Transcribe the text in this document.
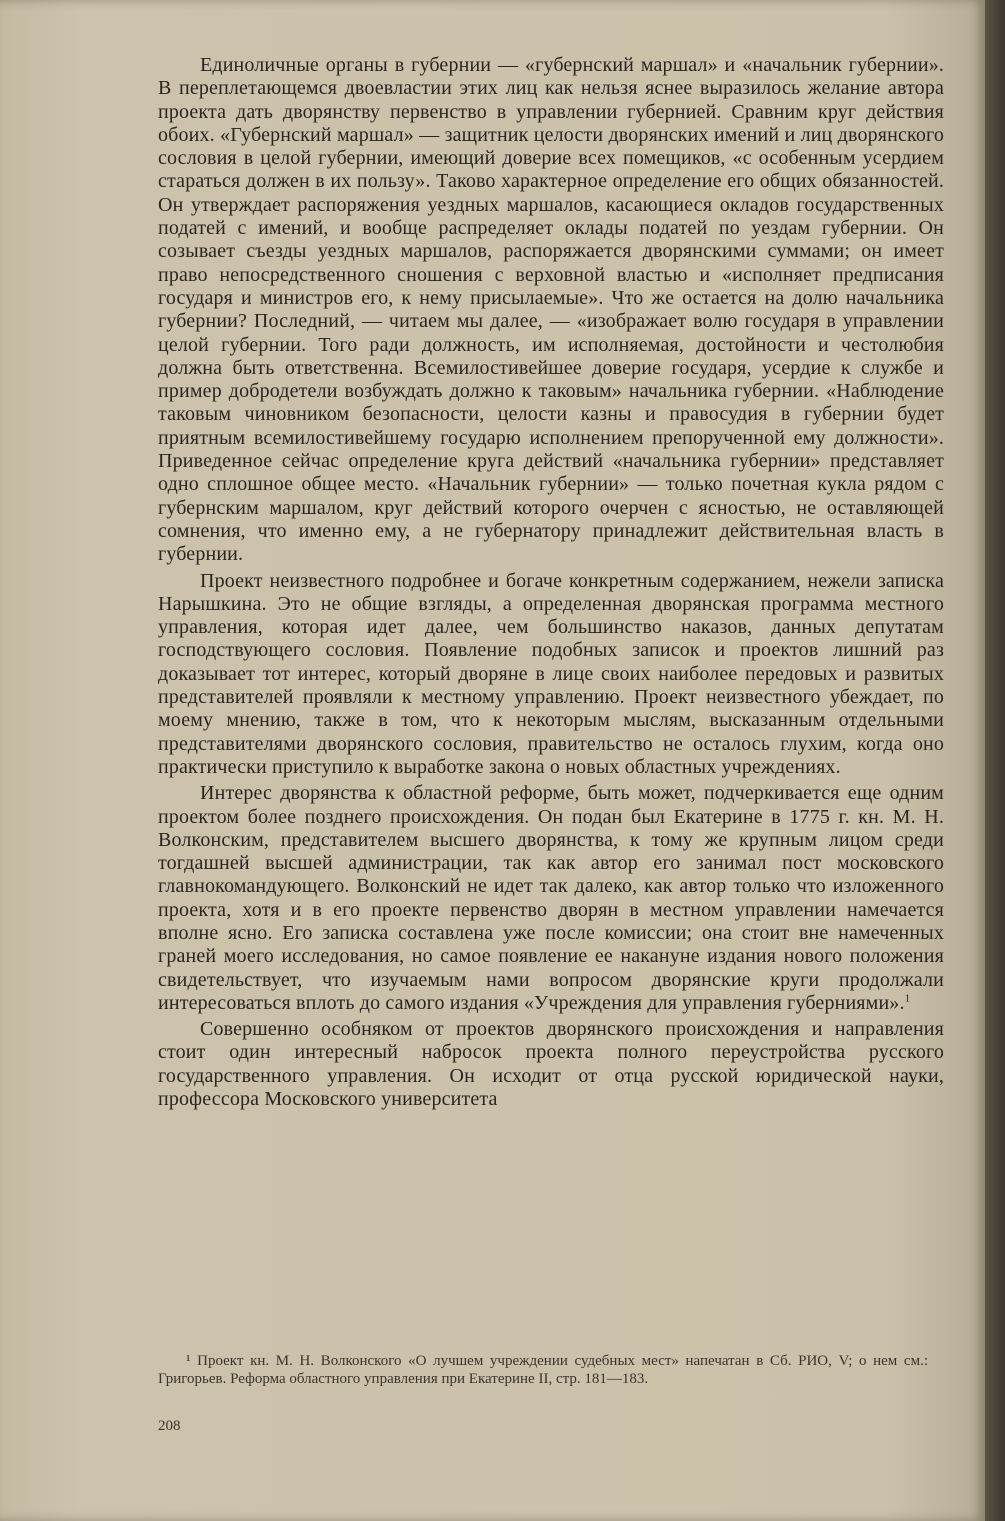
Единоличные органы в губернии — «губернский маршал» и «начальник губернии». В переплетающемся двоевластии этих лиц как нельзя яснее выразилось желание автора проекта дать дворянству первенство в управлении губернией. Сравним круг действия обоих. «Губернский маршал» — защитник целости дворянских имений и лиц дворянского сословия в целой губернии, имеющий доверие всех помещиков, «с особенным усердием стараться должен в их пользу». Таково характерное определение его общих обязанностей. Он утверждает распоряжения уездных маршалов, касающиеся окладов государственных податей с имений, и вообще распределяет оклады податей по уездам губернии. Он созывает съезды уездных маршалов, распоряжается дворянскими суммами; он имеет право непосредственного сношения с верховной властью и «исполняет предписания государя и министров его, к нему присылаемые». Что же остается на долю начальника губернии? Последний, — читаем мы далее, — «изображает волю государя в управлении целой губернии. Того ради должность, им исполняемая, достойности и честолюбия должна быть ответственна. Всемилостивейшее доверие государя, усердие к службе и пример добродетели возбуждать должно к таковым» начальника губернии. «Наблюдение таковым чиновником безопасности, целости казны и правосудия в губернии будет приятным всемилостивейшему государю исполнением препорученной ему должности». Приведенное сейчас определение круга действий «начальника губернии» представляет одно сплошное общее место. «Начальник губернии» — только почетная кукла рядом с губернским маршалом, круг действий которого очерчен с ясностью, не оставляющей сомнения, что именно ему, а не губернатору принадлежит действительная власть в губернии.

Проект неизвестного подробнее и богаче конкретным содержанием, нежели записка Нарышкина. Это не общие взгляды, а определенная дворянская программа местного управления, которая идет далее, чем большинство наказов, данных депутатам господствующего сословия. Появление подобных записок и проектов лишний раз доказывает тот интерес, который дворяне в лице своих наиболее передовых и развитых представителей проявляли к местному управлению. Проект неизвестного убеждает, по моему мнению, также в том, что к некоторым мыслям, высказанным отдельными представителями дворянского сословия, правительство не осталось глухим, когда оно практически приступило к выработке закона о новых областных учреждениях.

Интерес дворянства к областной реформе, быть может, подчеркивается еще одним проектом более позднего происхождения. Он подан был Екатерине в 1775 г. кн. М. Н. Волконским, представителем высшего дворянства, к тому же крупным лицом среди тогдашней высшей администрации, так как автор его занимал пост московского главнокомандующего. Волконский не идет так далеко, как автор только что изложенного проекта, хотя и в его проекте первенство дворян в местном управлении намечается вполне ясно. Его записка составлена уже после комиссии; она стоит вне намеченных граней моего исследования, но самое появление ее накануне издания нового положения свидетельствует, что изучаемым нами вопросом дворянские круги продолжали интересоваться вплоть до самого издания «Учреждения для управления губерниями».$^1$

Совершенно особняком от проектов дворянского происхождения и направления стоит один интересный набросок проекта полного переустройства русского государственного управления. Он исходит от отца русской юридической науки, профессора Московского университета

¹ Проект кн. М. Н. Волконского «О лучшем учреждении судебных мест» напечатан в Сб. РИО, V; о нем см.: Григорьев. Реформа областного управления при Екатерине II, стр. 181—183.

208
